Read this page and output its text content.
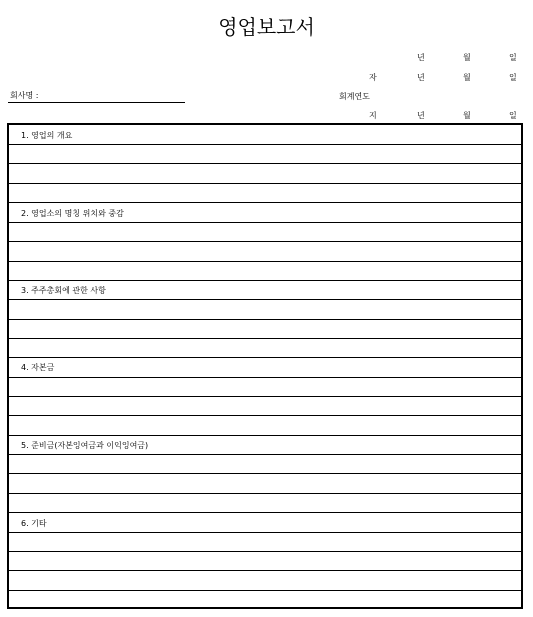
영업보고서
년	월	일
자	년	월	일
회계연도
지	년	월	일
회사명 :
1. 영업의 개요
2. 영업소의 명칭 위치와 중감
3. 주주총회에 관한 사항
4. 자본금
5. 준비금(자본잉여금과 이익잉여금)
6. 기타
